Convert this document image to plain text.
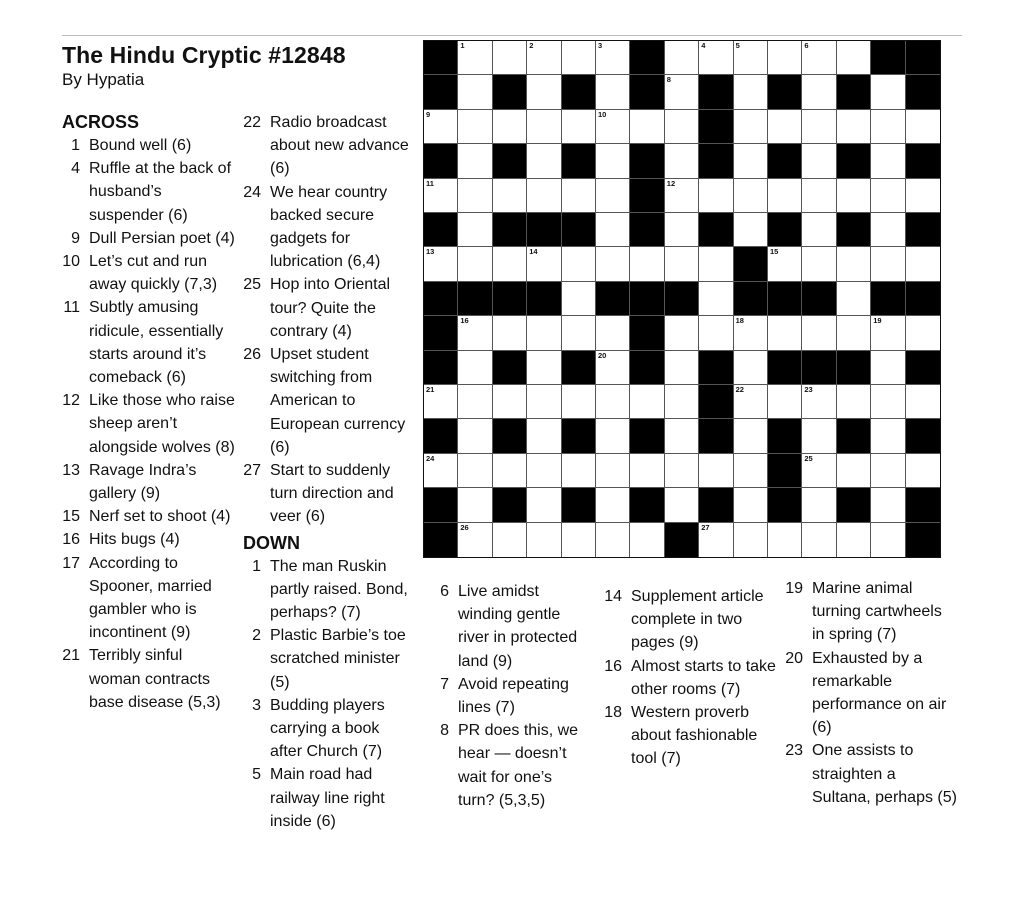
The Hindu Cryptic #12848
By Hypatia
ACROSS
1 Bound well (6)
4 Ruffle at the back of husband’s suspender (6)
9 Dull Persian poet (4)
10 Let’s cut and run away quickly (7,3)
11 Subtly amusing ridicule, essentially starts around it’s comeback (6)
12 Like those who raise sheep aren’t alongside wolves (8)
13 Ravage Indra’s gallery (9)
15 Nerf set to shoot (4)
16 Hits bugs (4)
17 According to Spooner, married gambler who is incontinent (9)
21 Terribly sinful woman contracts base disease (5,3)
22 Radio broadcast about new advance (6)
24 We hear country backed secure gadgets for lubrication (6,4)
25 Hop into Oriental tour? Quite the contrary (4)
26 Upset student switching from American to European currency (6)
27 Start to suddenly turn direction and veer (6)
DOWN
1 The man Ruskin partly raised. Bond, perhaps? (7)
2 Plastic Barbie’s toe scratched minister (5)
3 Budding players carrying a book after Church (7)
5 Main road had railway line right inside (6)
6 Live amidst winding gentle river in protected land (9)
7 Avoid repeating lines (7)
8 PR does this, we hear — doesn’t wait for one’s turn? (5,3,5)
14 Supplement article complete in two pages (9)
16 Almost starts to take other rooms (7)
18 Western proverb about fashionable tool (7)
19 Marine animal turning cartwheels in spring (7)
20 Exhausted by a remarkable performance on air (6)
23 One assists to straighten a Sultana, perhaps (5)
1	2	3	4	5	6
8
9	10
11	12
13	14	15
16	18	19
20
21	22	23
24	25
26	27
